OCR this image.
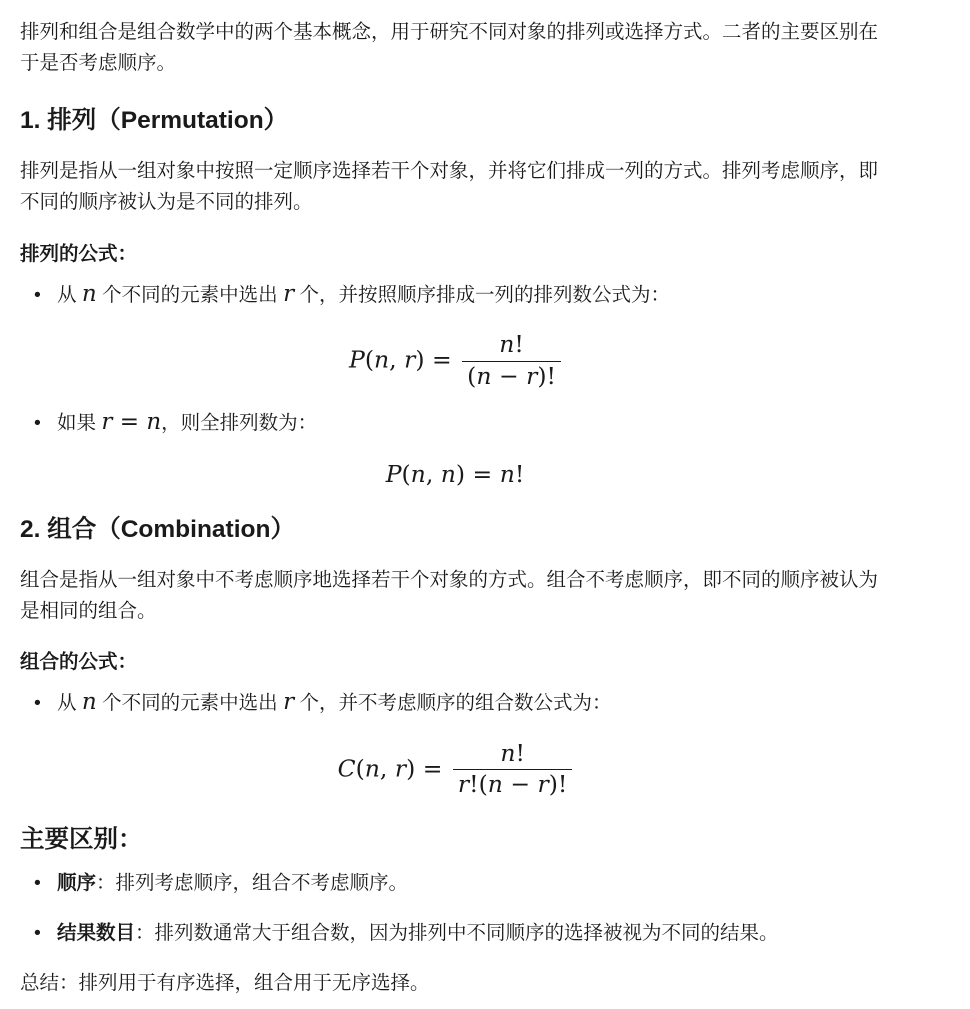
排列和组合是组合数学中的两个基本概念，用于研究不同对象的排列或选择方式。二者的主要区别在于是否考虑顺序。

1. 排列（Permutation）

排列是指从一组对象中按照一定顺序选择若干个对象，并将它们排成一列的方式。排列考虑顺序，即不同的顺序被认为是不同的排列。

排列的公式：

• 从 n 个不同的元素中选出 r 个，并按照顺序排成一列的排列数公式为：
P(n, $r) = \frac{n!}{(n - r)!}$
• 如果 r = n，则全排列数为：
P(n, n) = n!
2. 组合（Combination）

组合是指从一组对象中不考虑顺序地选择若干个对象的方式。组合不考虑顺序，即不同的顺序被认为是相同的组合。

组合的公式：

• 从 n 个不同的元素中选出 r 个，并不考虑顺序的组合数公式为：
C(n, $r) = \frac{n!}{r!(n - r)!}$
主要区别：
• 顺序：排列考虑顺序，组合不考虑顺序。
• 结果数目：排列数通常大于组合数，因为排列中不同顺序的选择被视为不同的结果。

总结：排列用于有序选择，组合用于无序选择。
